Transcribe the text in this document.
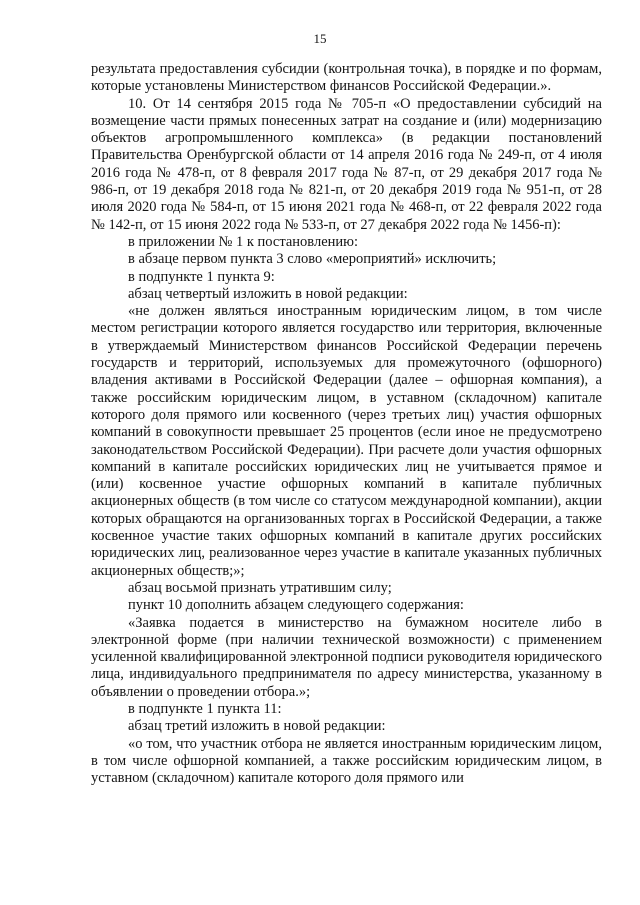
15

результата предоставления субсидии (контрольная точка), в порядке и по формам, которые установлены Министерством финансов Российской Федерации.».

10. От 14 сентября 2015 года № 705-п «О предоставлении субсидий на возмещение части прямых понесенных затрат на создание и (или) модернизацию объектов агропромышленного комплекса» (в редакции постановлений Правительства Оренбургской области от 14 апреля 2016 года № 249-п, от 4 июля 2016 года № 478-п, от 8 февраля 2017 года № 87-п, от 29 декабря 2017 года № 986-п, от 19 декабря 2018 года № 821-п, от 20 декабря 2019 года № 951-п, от 28 июля 2020 года № 584-п, от 15 июня 2021 года № 468-п, от 22 февраля 2022 года № 142-п, от 15 июня 2022 года № 533-п, от 27 декабря 2022 года № 1456-п):

в приложении № 1 к постановлению:

в абзаце первом пункта 3 слово «мероприятий» исключить;

в подпункте 1 пункта 9:

абзац четвертый изложить в новой редакции:

«не должен являться иностранным юридическим лицом, в том числе местом регистрации которого является государство или территория, включенные в утверждаемый Министерством финансов Российской Федерации перечень государств и территорий, используемых для промежуточного (офшорного) владения активами в Российской Федерации (далее – офшорная компания), а также российским юридическим лицом, в уставном (складочном) капитале которого доля прямого или косвенного (через третьих лиц) участия офшорных компаний в совокупности превышает 25 процентов (если иное не предусмотрено законодательством Российской Федерации). При расчете доли участия офшорных компаний в капитале российских юридических лиц не учитывается прямое и (или) косвенное участие офшорных компаний в капитале публичных акционерных обществ (в том числе со статусом международной компании), акции которых обращаются на организованных торгах в Российской Федерации, а также косвенное участие таких офшорных компаний в капитале других российских юридических лиц, реализованное через участие в капитале указанных публичных акционерных обществ;»;

абзац восьмой признать утратившим силу;

пункт 10 дополнить абзацем следующего содержания:

«Заявка подается в министерство на бумажном носителе либо в электронной форме (при наличии технической возможности) с применением усиленной квалифицированной электронной подписи руководителя юридического лица, индивидуального предпринимателя по адресу министерства, указанному в объявлении о проведении отбора.»;

в подпункте 1 пункта 11:

абзац третий изложить в новой редакции:

«о том, что участник отбора не является иностранным юридическим лицом, в том числе офшорной компанией, а также российским юридическим лицом, в уставном (складочном) капитале которого доля прямого или
